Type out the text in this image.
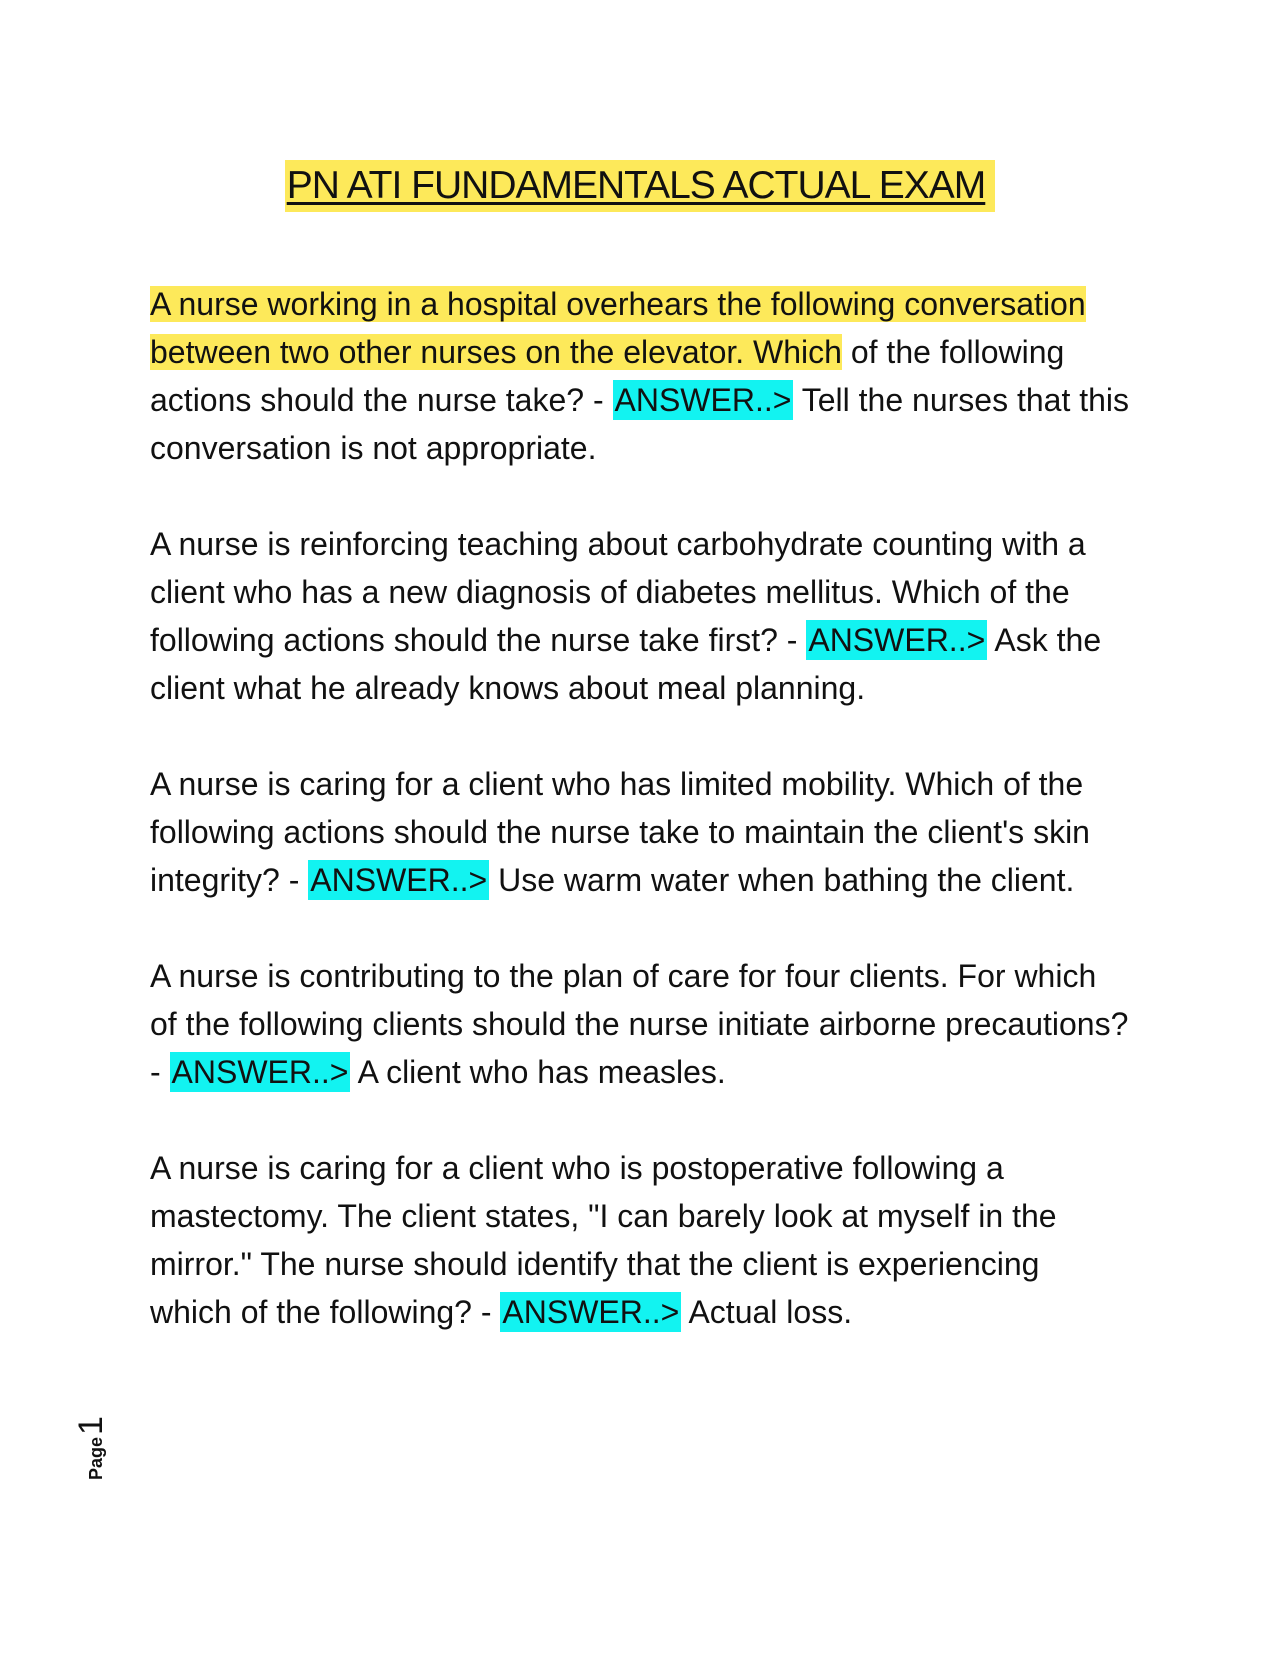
PN ATI FUNDAMENTALS ACTUAL EXAM

A nurse working in a hospital overhears the following conversation between two other nurses on the elevator. Which of the following actions should the nurse take? - ANSWER..> Tell the nurses that this conversation is not appropriate.

A nurse is reinforcing teaching about carbohydrate counting with a client who has a new diagnosis of diabetes mellitus. Which of the following actions should the nurse take first? - ANSWER..> Ask the client what he already knows about meal planning.

A nurse is caring for a client who has limited mobility. Which of the following actions should the nurse take to maintain the client's skin integrity? - ANSWER..> Use warm water when bathing the client.

A nurse is contributing to the plan of care for four clients. For which of the following clients should the nurse initiate airborne precautions? - ANSWER..> A client who has measles.

A nurse is caring for a client who is postoperative following a mastectomy. The client states, "I can barely look at myself in the mirror." The nurse should identify that the client is experiencing which of the following? - ANSWER..> Actual loss.

Page1
